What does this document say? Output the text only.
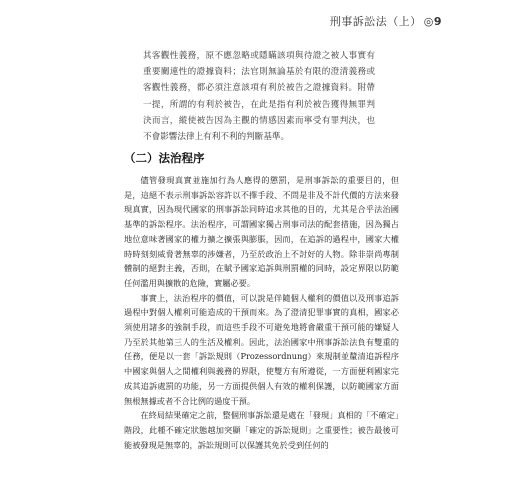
刑事訴訟法（上） ◎9

其客觀性義務，原不應忽略或隱瞞該項與待證之被人事實有重要關連性的證據資料；法官則無論基於有限的澄清義務或客觀性義務，都必須注意該項有利於被告之證據資料。附帶一提，所謂的有利於被告，在此是指有利於被告獲得無罪判決而言，縱使被告因為主觀的情感因素而寧受有罪判決，也不會影響法律上有利不利的判斷基準。

（二）法治程序

儘管發現真實並施加行為人應得的懲罰，是刑事訴訟的重要目的，但是，這絕不表示刑事訴訟容許以不擇手段、不問是非及不計代價的方法來發現真實，因為現代國家的刑事訴訟同時追求其他的目的，尤其是合乎法治國基準的訴訟程序。法治程序，可謂國家獨占刑事司法的配套措施，因為獨占地位意味著國家的權力擴之擴張與膨脹，因而，在追訴的過程中，國家大權時時刻刻威脅著無辜的涉嫌者，乃至於政治上不討好的人物。除非崇尚專制體制的絕對主義，否則，在賦予國家追訴與刑罰權的同時，設定界限以防範任何濫用與擴散的危險，實屬必要。

事實上，法治程序的價值，可以說是伴隨個人權利的價值以及刑事追訴過程中對個人權利可能造成的干預而來。為了澄清犯罪事實的真相，國家必須使用諸多的強制手段，而這些手段不可避免地將會嚴重干預可能的嫌疑人乃至於其他第三人的生活及權利。因此，法治國家中刑事訴訟法負有雙重的任務，便是以一套「訴訟規則（Prozessordnung）來規制並釐清追訴程序中國家與個人之間權利與義務的界限，使雙方有所遵從，一方面便利國家完成其追訴處罰的功能，另一方面提供個人有效的權利保護，以防範國家方面無根無據或者不合比例的過度干預。

在終局結果確定之前，整個刑事訴訟還是處在「發現」真相的「不確定」階段，此種不確定狀態越加突顯「確定的訴訟規則」之重要性；被告最後可能被發現是無辜的，訴訟規則可以保護其免於受到任何的
